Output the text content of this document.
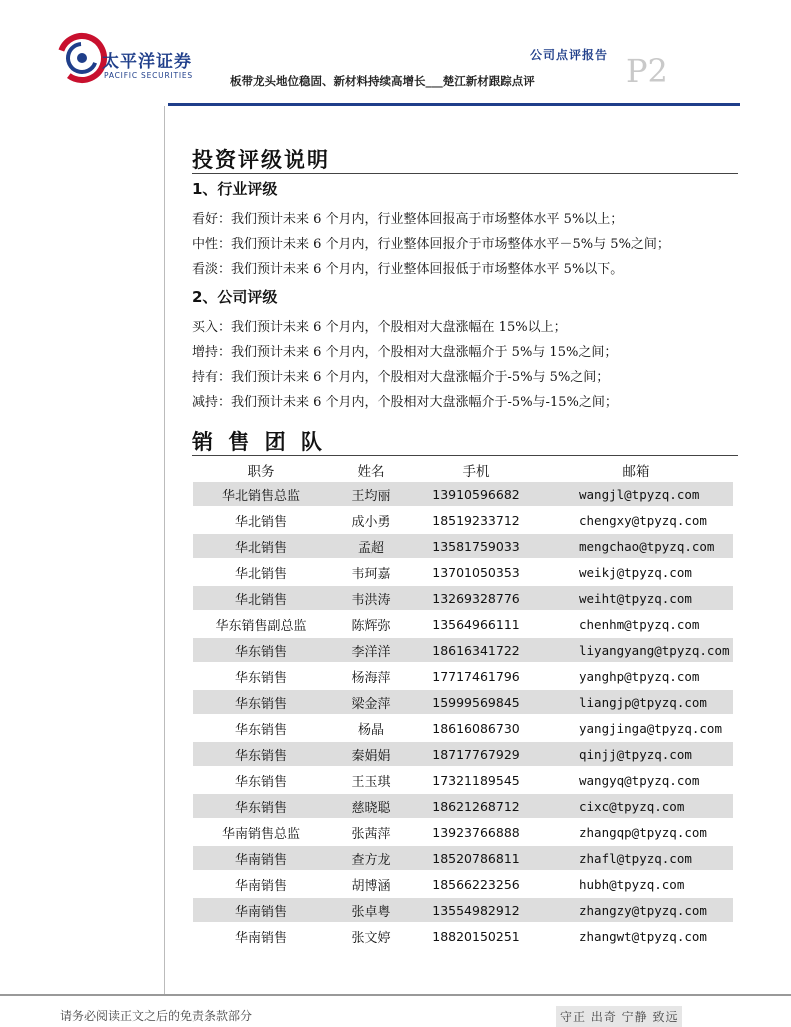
太平洋证券
PACIFIC SECURITIES
公司点评报告
板带龙头地位稳固、新材料持续高增长___楚江新材跟踪点评	P2
投资评级说明
1、行业评级
看好：我们预计未来 6 个月内，行业整体回报高于市场整体水平 5%以上；
中性：我们预计未来 6 个月内，行业整体回报介于市场整体水平－5%与 5%之间；
看淡：我们预计未来 6 个月内，行业整体回报低于市场整体水平 5%以下。
2、公司评级
买入：我们预计未来 6 个月内，个股相对大盘涨幅在 15%以上；
增持：我们预计未来 6 个月内，个股相对大盘涨幅介于 5%与 15%之间；
持有：我们预计未来 6 个月内，个股相对大盘涨幅介于-5%与 5%之间；
减持：我们预计未来 6 个月内，个股相对大盘涨幅介于-5%与-15%之间；
销 售 团 队
职务	姓名	手机	邮箱
华北销售总监	王均丽	13910596682	wangjl@tpyzq.com
华北销售	成小勇	18519233712	chengxy@tpyzq.com
华北销售	孟超	13581759033	mengchao@tpyzq.com
华北销售	韦珂嘉	13701050353	weikj@tpyzq.com
华北销售	韦洪涛	13269328776	weiht@tpyzq.com
华东销售副总监	陈辉弥	13564966111	chenhm@tpyzq.com
华东销售	李洋洋	18616341722	liyangyang@tpyzq.com
华东销售	杨海萍	17717461796	yanghp@tpyzq.com
华东销售	梁金萍	15999569845	liangjp@tpyzq.com
华东销售	杨晶	18616086730	yangjinga@tpyzq.com
华东销售	秦娟娟	18717767929	qinjj@tpyzq.com
华东销售	王玉琪	17321189545	wangyq@tpyzq.com
华东销售	慈晓聪	18621268712	cixc@tpyzq.com
华南销售总监	张茜萍	13923766888	zhangqp@tpyzq.com
华南销售	查方龙	18520786811	zhafl@tpyzq.com
华南销售	胡博涵	18566223256	hubh@tpyzq.com
华南销售	张卓粤	13554982912	zhangzy@tpyzq.com
华南销售	张文婷	18820150251	zhangwt@tpyzq.com
请务必阅读正文之后的免责条款部分	守正 出奇 宁静 致远
